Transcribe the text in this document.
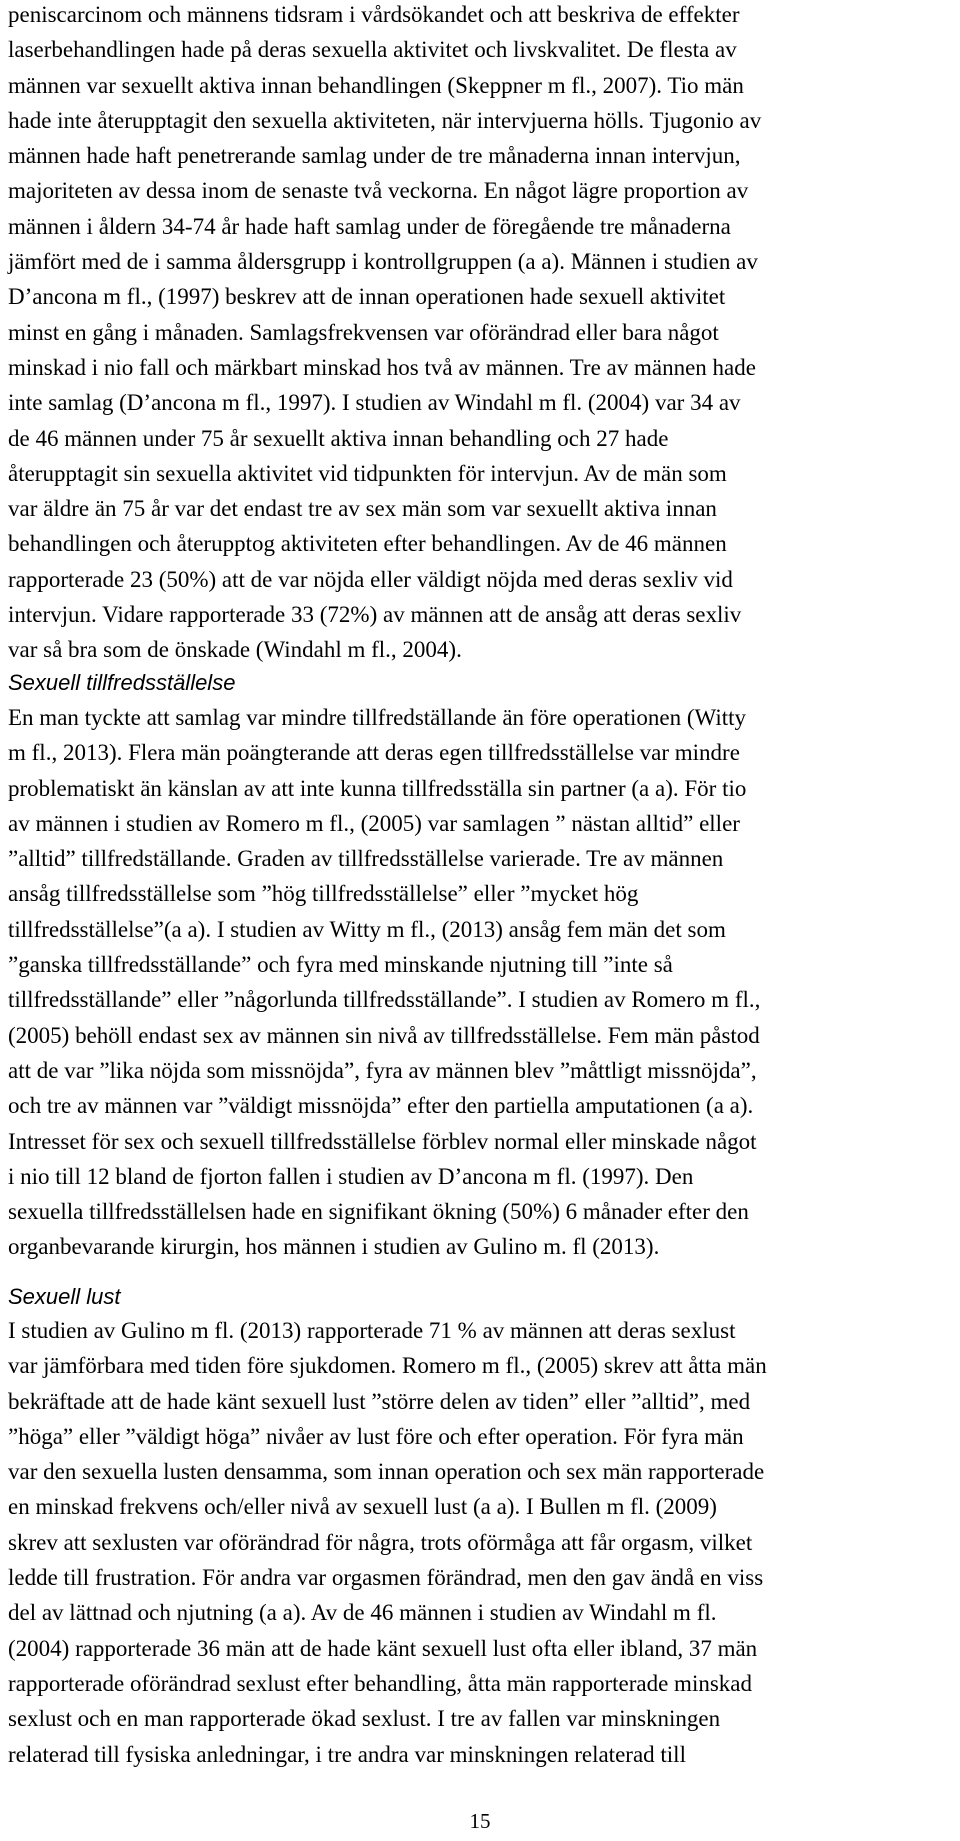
peniscarcinom och männens tidsram i vårdsökandet och att beskriva de effekter
laserbehandlingen hade på deras sexuella aktivitet och livskvalitet. De flesta av
männen var sexuellt aktiva innan behandlingen (Skeppner m fl., 2007). Tio män
hade inte återupptagit den sexuella aktiviteten, när intervjuerna hölls. Tjugonio av
männen hade haft penetrerande samlag under de tre månaderna innan intervjun,
majoriteten av dessa inom de senaste två veckorna. En något lägre proportion av
männen i åldern 34-74 år hade haft samlag under de föregående tre månaderna
jämfört med de i samma åldersgrupp i kontrollgruppen (a a). Männen i studien av
D’ancona m fl., (1997) beskrev att de innan operationen hade sexuell aktivitet
minst en gång i månaden. Samlagsfrekvensen var oförändrad eller bara något
minskad i nio fall och märkbart minskad hos två av männen. Tre av männen hade
inte samlag (D’ancona m fl., 1997). I studien av Windahl m fl. (2004) var 34 av
de 46 männen under 75 år sexuellt aktiva innan behandling och 27 hade
återupptagit sin sexuella aktivitet vid tidpunkten för intervjun. Av de män som
var äldre än 75 år var det endast tre av sex män som var sexuellt aktiva innan
behandlingen och återupptog aktiviteten efter behandlingen. Av de 46 männen
rapporterade 23 (50%) att de var nöjda eller väldigt nöjda med deras sexliv vid
intervjun. Vidare rapporterade 33 (72%) av männen att de ansåg att deras sexliv
var så bra som de önskade (Windahl m fl., 2004).
Sexuell tillfredsställelse
En man tyckte att samlag var mindre tillfredställande än före operationen (Witty
m fl., 2013). Flera män poängterande att deras egen tillfredsställelse var mindre
problematiskt än känslan av att inte kunna tillfredsställa sin partner (a a). För tio
av männen i studien av Romero m fl., (2005) var samlagen ” nästan alltid” eller
”alltid” tillfredställande. Graden av tillfredsställelse varierade. Tre av männen
ansåg tillfredsställelse som ”hög tillfredsställelse” eller ”mycket hög
tillfredsställelse”(a a). I studien av Witty m fl., (2013) ansåg fem män det som
”ganska tillfredsställande” och fyra med minskande njutning till ”inte så
tillfredsställande” eller ”någorlunda tillfredsställande”. I studien av Romero m fl.,
(2005) behöll endast sex av männen sin nivå av tillfredsställelse. Fem män påstod
att de var ”lika nöjda som missnöjda”, fyra av männen blev ”måttligt missnöjda”,
och tre av männen var ”väldigt missnöjda” efter den partiella amputationen (a a).
Intresset för sex och sexuell tillfredsställelse förblev normal eller minskade något
i nio till 12 bland de fjorton fallen i studien av D’ancona m fl. (1997). Den
sexuella tillfredsställelsen hade en signifikant ökning (50%) 6 månader efter den
organbevarande kirurgin, hos männen i studien av Gulino m. fl (2013).
Sexuell lust
I studien av Gulino m fl. (2013) rapporterade 71 % av männen att deras sexlust
var jämförbara med tiden före sjukdomen. Romero m fl., (2005) skrev att åtta män
bekräftade att de hade känt sexuell lust ”större delen av tiden” eller ”alltid”, med
”höga” eller ”väldigt höga” nivåer av lust före och efter operation. För fyra män
var den sexuella lusten densamma, som innan operation och sex män rapporterade
en minskad frekvens och/eller nivå av sexuell lust (a a). I Bullen m fl. (2009)
skrev att sexlusten var oförändrad för några, trots oförmåga att får orgasm, vilket
ledde till frustration. För andra var orgasmen förändrad, men den gav ändå en viss
del av lättnad och njutning (a a). Av de 46 männen i studien av Windahl m fl.
(2004) rapporterade 36 män att de hade känt sexuell lust ofta eller ibland, 37 män
rapporterade oförändrad sexlust efter behandling, åtta män rapporterade minskad
sexlust och en man rapporterade ökad sexlust. I tre av fallen var minskningen
relaterad till fysiska anledningar, i tre andra var minskningen relaterad till
15
